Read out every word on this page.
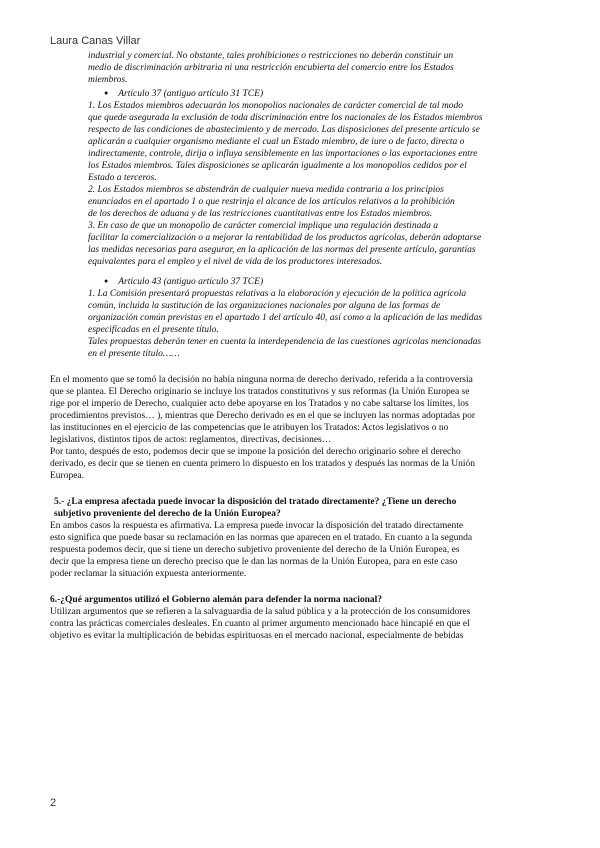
Laura Canas Villar

industrial y comercial. No obstante, tales prohibiciones o restricciones no deberán constituir un

medio de discriminación arbitraria ni una restricción encubierta del comercio entre los Estados

miembros.

● Artículo 37 (antiguo artículo 31 TCE)

1. Los Estados miembros adecuarán los monopolios nacionales de carácter comercial de tal modo

que quede asegurada la exclusión de toda discriminación entre los nacionales de los Estados miembros

respecto de las condiciones de abastecimiento y de mercado. Las disposiciones del presente artículo se

aplicarán a cualquier organismo mediante el cual un Estado miembro, de iure o de facto, directa o

indirectamente, controle, dirija o influya sensiblemente en las importaciones o las exportaciones entre

los Estados miembros. Tales disposiciones se aplicarán igualmente a los monopolios cedidos por el

Estado a terceros.

2. Los Estados miembros se abstendrán de cualquier nueva medida contraria a los principios

enunciados en el apartado 1 o que restrinja el alcance de los artículos relativos a la prohibición

de los derechos de aduana y de las restricciones cuantitativas entre los Estados miembros.

3. En caso de que un monopolio de carácter comercial implique una regulación destinada a

facilitar la comercialización o a mejorar la rentabilidad de los productos agrícolas, deberán adoptarse

las medidas necesarias para asegurar, en la aplicación de las normas del presente artículo, garantías

equivalentes para el empleo y el nivel de vida de los productores interesados.

● Artículo 43 (antiguo artículo 37 TCE)

1. La Comisión presentará propuestas relativas a la elaboración y ejecución de la política agrícola

común, incluida la sustitución de las organizaciones nacionales por alguna de las formas de

organización común previstas en el apartado 1 del artículo 40, así como a la aplicación de las medidas

especificadas en el presente título.

Tales propuestas deberán tener en cuenta la interdependencia de las cuestiones agrícolas mencionadas

en el presente título……

En el momento que se tomó la decisión no había ninguna norma de derecho derivado, referida a la controversia

que se plantea. El Derecho originario se incluye los tratados constitutivos y sus reformas (la Unión Europea se

rige por el imperio de Derecho, cualquier acto debe apoyarse en los Tratados y no cabe saltarse los límites, los

procedimientos previstos… ), mientras que Derecho derivado es en el que se incluyen las normas adoptadas por

las instituciones en el ejercicio de las competencias que le atribuyen los Tratados: Actos legislativos o no

legislativos, distintos tipos de actos: reglamentos, directivas, decisiones…

Por tanto, después de esto, podemos decir que se impone la posición del derecho originario sobre el derecho

derivado, es decir que se tienen en cuenta primero lo dispuesto en los tratados y después las normas de la Unión

Europea.

5.- ¿La empresa afectada puede invocar la disposición del tratado directamente? ¿Tiene un derecho

subjetivo proveniente del derecho de la Unión Europea?

En ambos casos la respuesta es afirmativa. La empresa puede invocar la disposición del tratado directamente

esto significa que puede basar su reclamación en las normas que aparecen en el tratado. En cuanto a la segunda

respuesta podemos decir, que si tiene un derecho subjetivo proveniente del derecho de la Unión Europea, es

decir que la empresa tiene un derecho preciso que le dan las normas de la Unión Europea, para en este caso

poder reclamar la situación expuesta anteriormente.

6.-¿Qué argumentos utilizó el Gobierno alemán para defender la norma nacional?

Utilizan argumentos que se refieren a la salvaguardia de la salud pública y a la protección de los consumidores

contra las prácticas comerciales desleales. En cuanto al primer argumento mencionado hace hincapié en que el

objetivo es evitar la multiplicación de bebidas espirituosas en el mercado nacional, especialmente de bebidas

2
